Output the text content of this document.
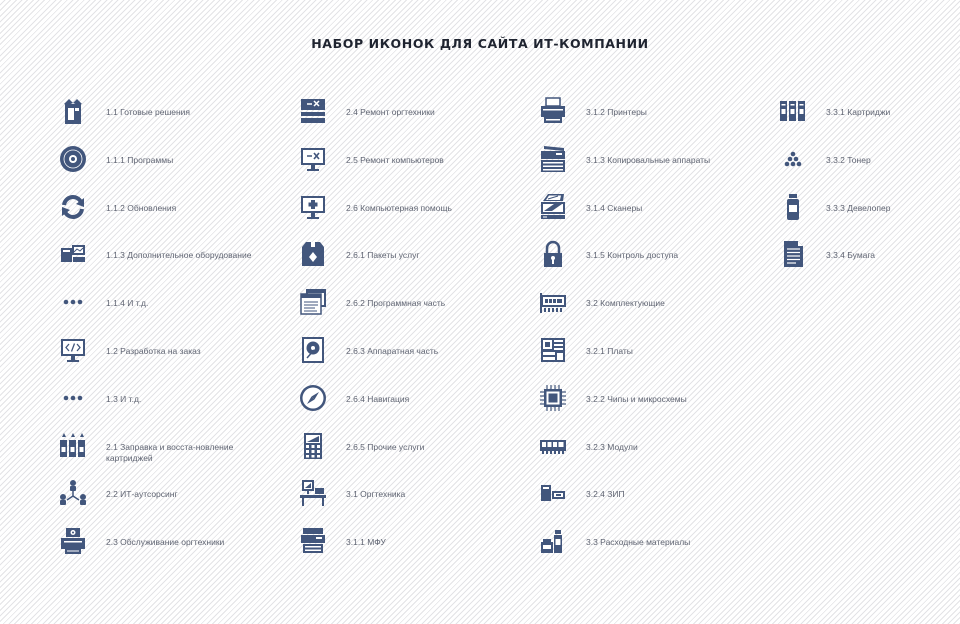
НАБОР ИКОНОК ДЛЯ САЙТА ИТ-КОМПАНИИ
1.1 Готовые решения
1.1.1 Программы
1.1.2 Обновления
1.1.3 Дополнительное оборудование
1.1.4 И т.д.
1.2 Разработка на заказ
1.3 И т.д.
2.1 Заправка и восста-новление картриджей
2.2 ИТ-аутсорсинг
2.3 Обслуживание оргтехники
2.4 Ремонт оргтехники
2.5 Ремонт компьютеров
2.6 Компьютерная помощь
2.6.1 Пакеты услуг
2.6.2 Программная часть
2.6.3 Аппаратная часть
2.6.4 Навигация
2.6.5 Прочие услуги
3.1 Оргтехника
3.1.1 МФУ
3.1.2 Принтеры
3.1.3 Копировальные аппараты
3.1.4 Сканеры
3.1.5 Контроль доступа
3.2 Комплектующие
3.2.1 Платы
3.2.2 Чипы и микросхемы
3.2.3 Модули
3.2.4 ЗИП
3.3 Расходные материалы
3.3.1 Картриджи
3.3.2 Тонер
3.3.3 Девелопер
3.3.4 Бумага
